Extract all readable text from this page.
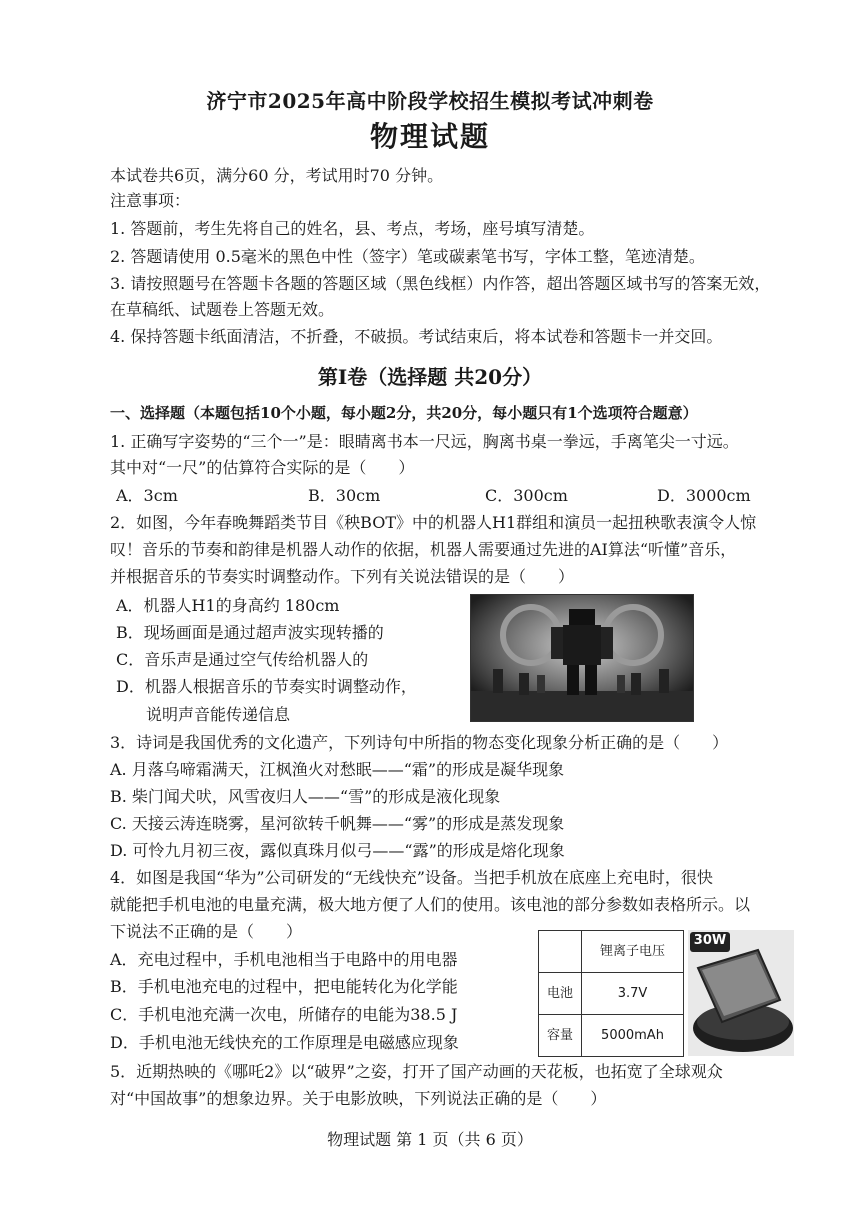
济宁市2025年高中阶段学校招生模拟考试冲刺卷
物理试题
本试卷共6页，满分60 分，考试用时70 分钟。
注意事项：
1. 答题前，考生先将自己的姓名，县、考点，考场，座号填写清楚。
2. 答题请使用 0.5毫米的黑色中性（签字）笔或碳素笔书写，字体工整，笔迹清楚。
3. 请按照题号在答题卡各题的答题区域（黑色线框）内作答，超出答题区域书写的答案无效，
在草稿纸、试题卷上答题无效。
4. 保持答题卡纸面清洁，不折叠，不破损。考试结束后，将本试卷和答题卡一并交回。
第Ⅰ卷（选择题 共20分）
一、选择题（本题包括10个小题，每小题2分，共20分，每小题只有1个选项符合题意）
1. 正确写字姿势的“三个一”是：眼睛离书本一尺远，胸离书桌一拳远，手离笔尖一寸远。
其中对“一尺”的估算符合实际的是（　　）
A．3cm	B．30cm	C．300cm	D．3000cm
2．如图，今年春晚舞蹈类节目《秧BOT》中的机器人H1群组和演员一起扭秧歌表演令人惊
叹！音乐的节奏和韵律是机器人动作的依据，机器人需要通过先进的AI算法“听懂”音乐，
并根据音乐的节奏实时调整动作。下列有关说法错误的是（　　）
A．机器人H1的身高约 180cm
B．现场画面是通过超声波实现转播的
C．音乐声是通过空气传给机器人的
D．机器人根据音乐的节奏实时调整动作，
说明声音能传递信息
3．诗词是我国优秀的文化遗产，下列诗句中所指的物态变化现象分析正确的是（　　）
A. 月落乌啼霜满天，江枫渔火对愁眠——“霜”的形成是凝华现象
B. 柴门闻犬吠，风雪夜归人——“雪”的形成是液化现象
C. 天接云涛连晓雾，星河欲转千帆舞——“雾”的形成是蒸发现象
D. 可怜九月初三夜，露似真珠月似弓——“露”的形成是熔化现象
4．如图是我国“华为”公司研发的“无线快充”设备。当把手机放在底座上充电时，很快
就能把手机电池的电量充满，极大地方便了人们的使用。该电池的部分参数如表格所示。以
下说法不正确的是（　　）
A．充电过程中，手机电池相当于电路中的用电器
B．手机电池充电的过程中，把电能转化为化学能
C．手机电池充满一次电，所储存的电能为38.5 J
D．手机电池无线快充的工作原理是电磁感应现象
	锂离子电压
电池	3.7V
容量	5000mAh
30W
5．近期热映的《哪吒2》以“破界”之姿，打开了国产动画的天花板，也拓宽了全球观众
对“中国故事”的想象边界。关于电影放映，下列说法正确的是（　　）
物理试题 第 1 页（共 6 页）
